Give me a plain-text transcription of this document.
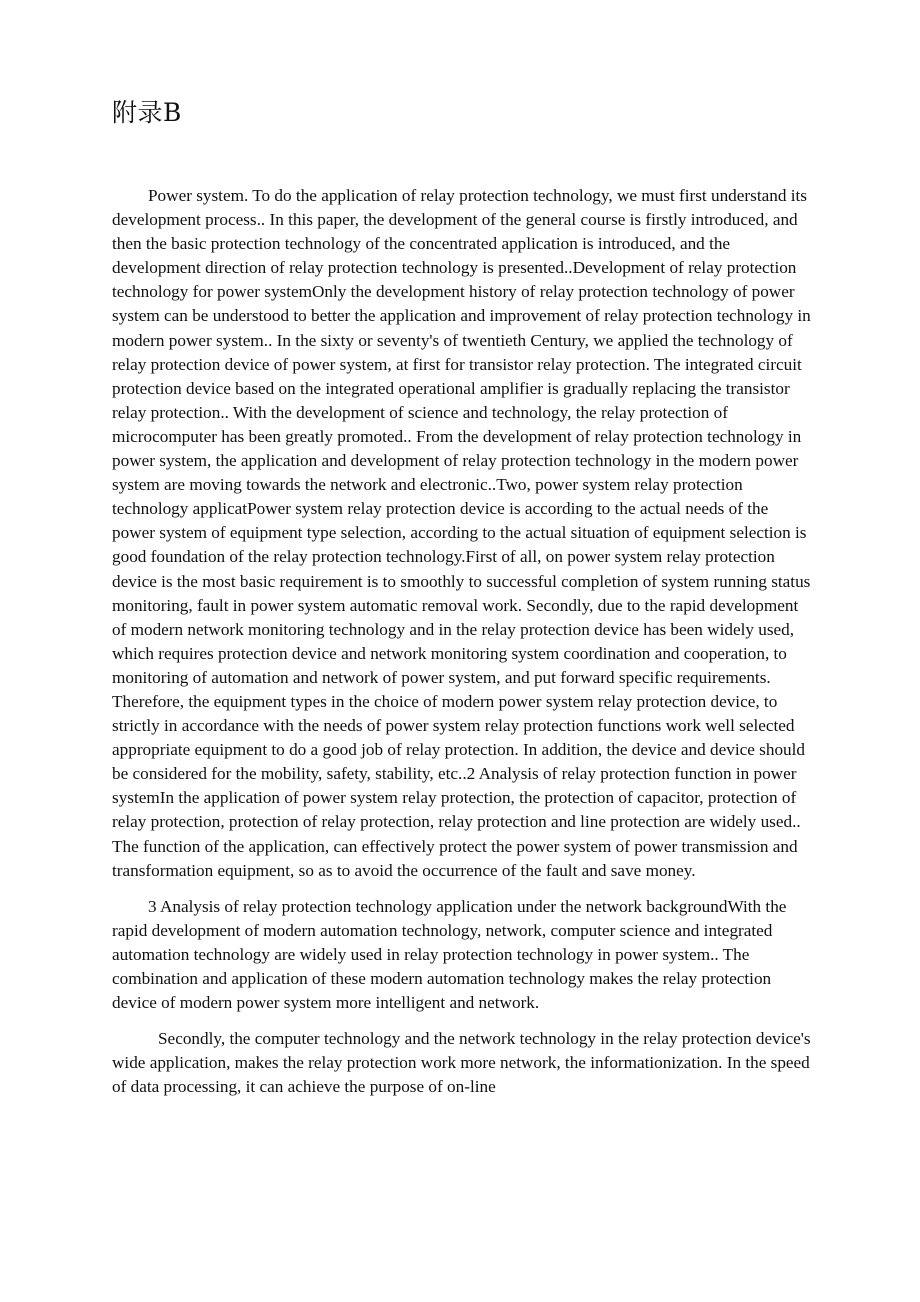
附录B

Power system. To do the application of relay protection technology, we must first understand its development process.. In this paper, the development of the general course is firstly introduced, and then the basic protection technology of the concentrated application is introduced, and the development direction of relay protection technology is presented..Development of relay protection technology for power systemOnly the development history of relay protection technology of power system can be understood to better the application and improvement of relay protection technology in modern power system.. In the sixty or seventy's of twentieth Century, we applied the technology of relay protection device of power system, at first for transistor relay protection. The integrated circuit protection device based on the integrated operational amplifier is gradually replacing the transistor relay protection.. With the development of science and technology, the relay protection of microcomputer has been greatly promoted.. From the development of relay protection technology in power system, the application and development of relay protection technology in the modern power system are moving towards the network and electronic..Two, power system relay protection technology applicatPower system relay protection device is according to the actual needs of the power system of equipment type selection, according to the actual situation of equipment selection is good foundation of the relay protection technology.First of all, on power system relay protection device is the most basic requirement is to smoothly to successful completion of system running status monitoring, fault in power system automatic removal work. Secondly, due to the rapid development of modern network monitoring technology and in the relay protection device has been widely used, which requires protection device and network monitoring system coordination and cooperation, to monitoring of automation and network of power system, and put forward specific requirements. Therefore, the equipment types in the choice of modern power system relay protection device, to strictly in accordance with the needs of power system relay protection functions work well selected appropriate equipment to do a good job of relay protection. In addition, the device and device should be considered for the mobility, safety, stability, etc..2 Analysis of relay protection function in power systemIn the application of power system relay protection, the protection of capacitor, protection of relay protection, protection of relay protection, relay protection and line protection are widely used.. The function of the application, can effectively protect the power system of power transmission and transformation equipment, so as to avoid the occurrence of the fault and save money.

3 Analysis of relay protection technology application under the network backgroundWith the rapid development of modern automation technology, network, computer science and integrated automation technology are widely used in relay protection technology in power system.. The combination and application of these modern automation technology makes the relay protection device of modern power system more intelligent and network.

Secondly, the computer technology and the network technology in the relay protection device's wide application, makes the relay protection work more network, the informationization. In the speed of data processing, it can achieve the purpose of on-line
